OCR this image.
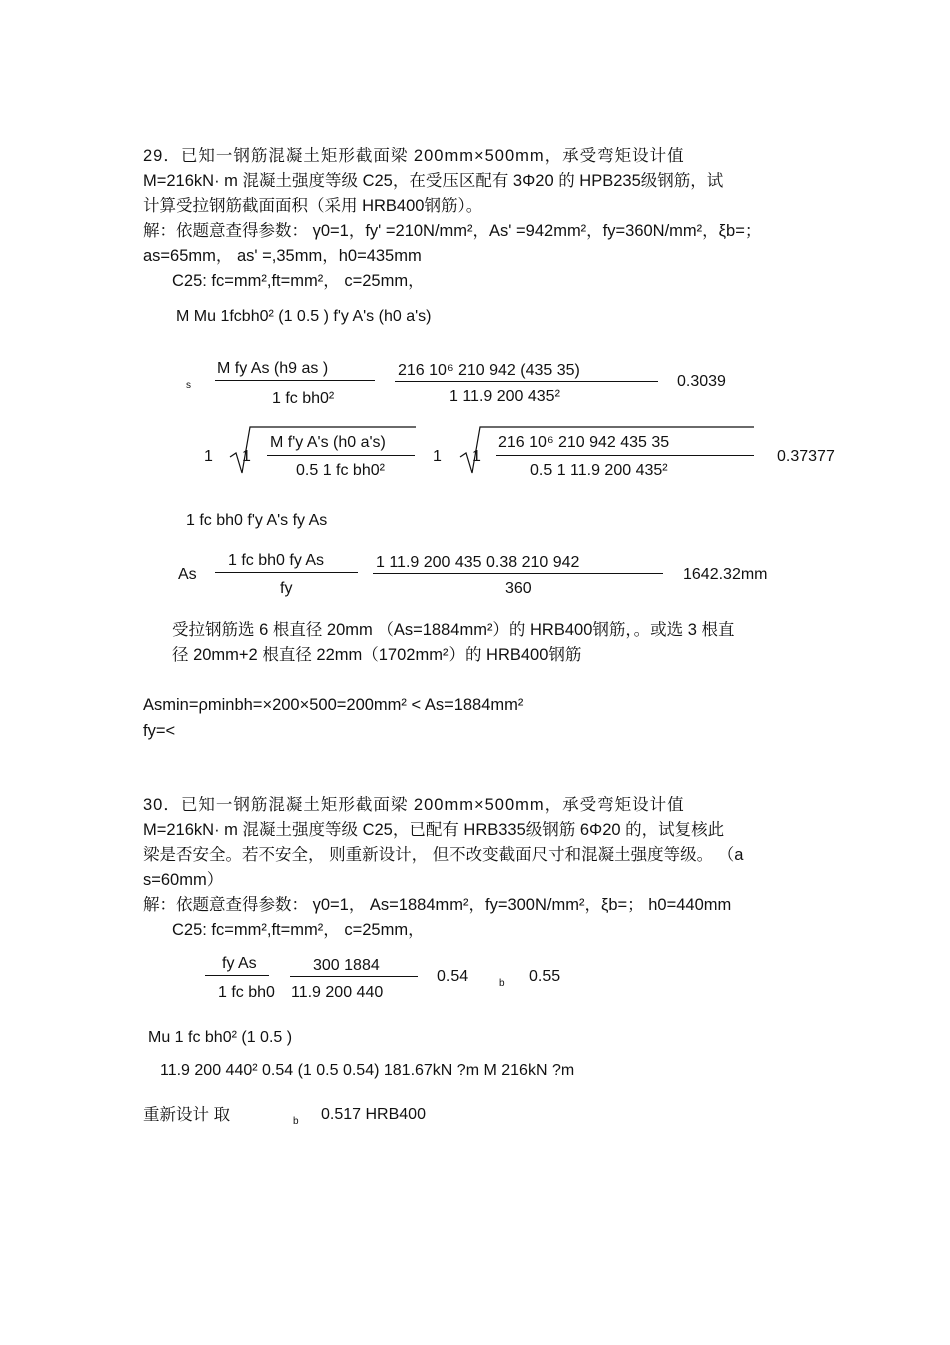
29．已知一钢筋混凝土矩形截面梁 200mm×500mm，承受弯矩设计值
M=216kN· m 混凝土强度等级 C25，在受压区配有 3Φ20 的 HPB235级钢筋，试
计算受拉钢筋截面面积（采用 HRB400钢筋）。
解：依题意查得参数： γ0=1，fy' =210N/mm²，As' =942mm²，fy=360N/mm²，ξb=；
as=65mm， as' =,35mm，h0=435mm
C25: fc=mm²,ft=mm²， c=25mm，
M Mu 1fcbh0² (1 0.5 ) f'y A's (h0 a's)
s
M fy As (h9 as )
1 fc bh0²
216 10⁶ 210 942 (435 35)
1 11.9 200 435²
0.3039
1 1
M f'y A's (h0 a's)
0.5 1 fc bh0²
1 1
216 10⁶ 210 942 435 35
0.5 1 11.9 200 435²
0.37377
1 fc bh0 f'y A's fy As
As
1 fc bh0 fy As
fy
1 11.9 200 435 0.38 210 942
360
1642.32mm
受拉钢筋选 6 根直径 20mm （As=1884mm²）的 HRB400钢筋，。或选 3 根直
径 20mm+2 根直径 22mm（1702mm²）的 HRB400钢筋
Asmin=ρminbh=×200×500=200mm² < As=1884mm²
fy=<
30．已知一钢筋混凝土矩形截面梁 200mm×500mm，承受弯矩设计值
M=216kN· m 混凝土强度等级 C25，已配有 HRB335级钢筋 6Φ20 的，试复核此
梁是否安全。若不安全， 则重新设计， 但不改变截面尺寸和混凝土强度等级。 （a
s=60mm）
解：依题意查得参数： γ0=1， As=1884mm²，fy=300N/mm²，ξb=； h0=440mm
C25: fc=mm²,ft=mm²， c=25mm，
fy As
1 fc bh0
300 1884
11.9 200 440
0.54	b 0.55
Mu 1 fc bh0² (1 0.5 )
11.9 200 440² 0.54 (1 0.5 0.54) 181.67kN ?m M 216kN ?m
重新设计 取	b 0.517 HRB400
